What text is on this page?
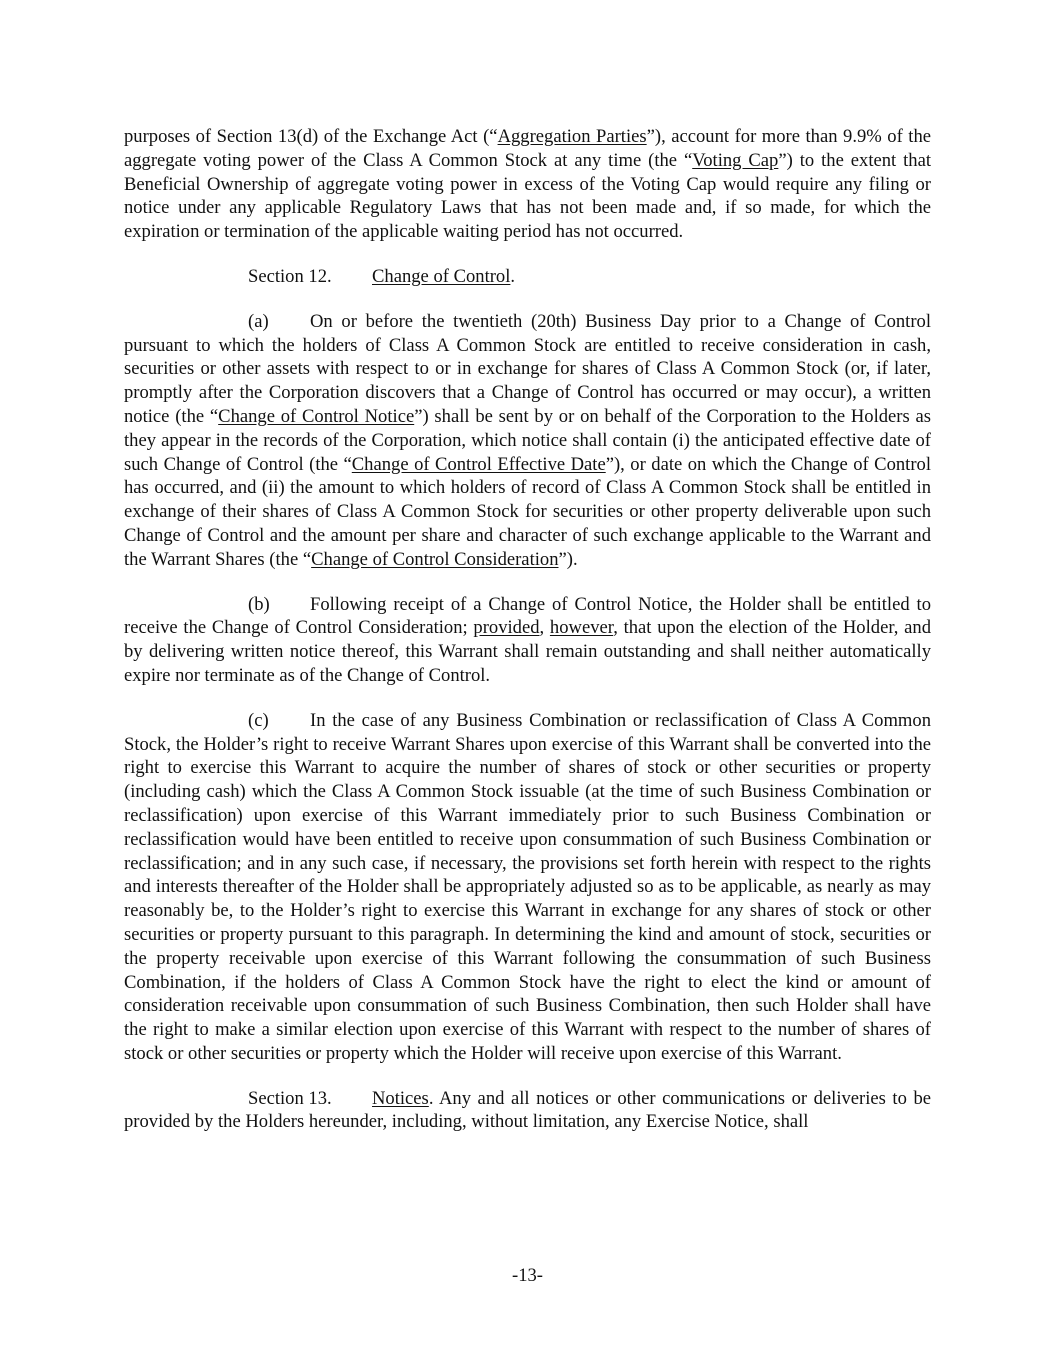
purposes of Section 13(d) of the Exchange Act (“Aggregation Parties”), account for more than 9.9% of the aggregate voting power of the Class A Common Stock at any time (the “Voting Cap”) to the extent that Beneficial Ownership of aggregate voting power in excess of the Voting Cap would require any filing or notice under any applicable Regulatory Laws that has not been made and, if so made, for which the expiration or termination of the applicable waiting period has not occurred.

Section 12. Change of Control.

(a) On or before the twentieth (20th) Business Day prior to a Change of Control pursuant to which the holders of Class A Common Stock are entitled to receive consideration in cash, securities or other assets with respect to or in exchange for shares of Class A Common Stock (or, if later, promptly after the Corporation discovers that a Change of Control has occurred or may occur), a written notice (the “Change of Control Notice”) shall be sent by or on behalf of the Corporation to the Holders as they appear in the records of the Corporation, which notice shall contain (i) the anticipated effective date of such Change of Control (the “Change of Control Effective Date”), or date on which the Change of Control has occurred, and (ii) the amount to which holders of record of Class A Common Stock shall be entitled in exchange of their shares of Class A Common Stock for securities or other property deliverable upon such Change of Control and the amount per share and character of such exchange applicable to the Warrant and the Warrant Shares (the “Change of Control Consideration”).

(b) Following receipt of a Change of Control Notice, the Holder shall be entitled to receive the Change of Control Consideration; provided, however, that upon the election of the Holder, and by delivering written notice thereof, this Warrant shall remain outstanding and shall neither automatically expire nor terminate as of the Change of Control.

(c) In the case of any Business Combination or reclassification of Class A Common Stock, the Holder’s right to receive Warrant Shares upon exercise of this Warrant shall be converted into the right to exercise this Warrant to acquire the number of shares of stock or other securities or property (including cash) which the Class A Common Stock issuable (at the time of such Business Combination or reclassification) upon exercise of this Warrant immediately prior to such Business Combination or reclassification would have been entitled to receive upon consummation of such Business Combination or reclassification; and in any such case, if necessary, the provisions set forth herein with respect to the rights and interests thereafter of the Holder shall be appropriately adjusted so as to be applicable, as nearly as may reasonably be, to the Holder’s right to exercise this Warrant in exchange for any shares of stock or other securities or property pursuant to this paragraph. In determining the kind and amount of stock, securities or the property receivable upon exercise of this Warrant following the consummation of such Business Combination, if the holders of Class A Common Stock have the right to elect the kind or amount of consideration receivable upon consummation of such Business Combination, then such Holder shall have the right to make a similar election upon exercise of this Warrant with respect to the number of shares of stock or other securities or property which the Holder will receive upon exercise of this Warrant.

Section 13. Notices. Any and all notices or other communications or deliveries to be provided by the Holders hereunder, including, without limitation, any Exercise Notice, shall

-13-
